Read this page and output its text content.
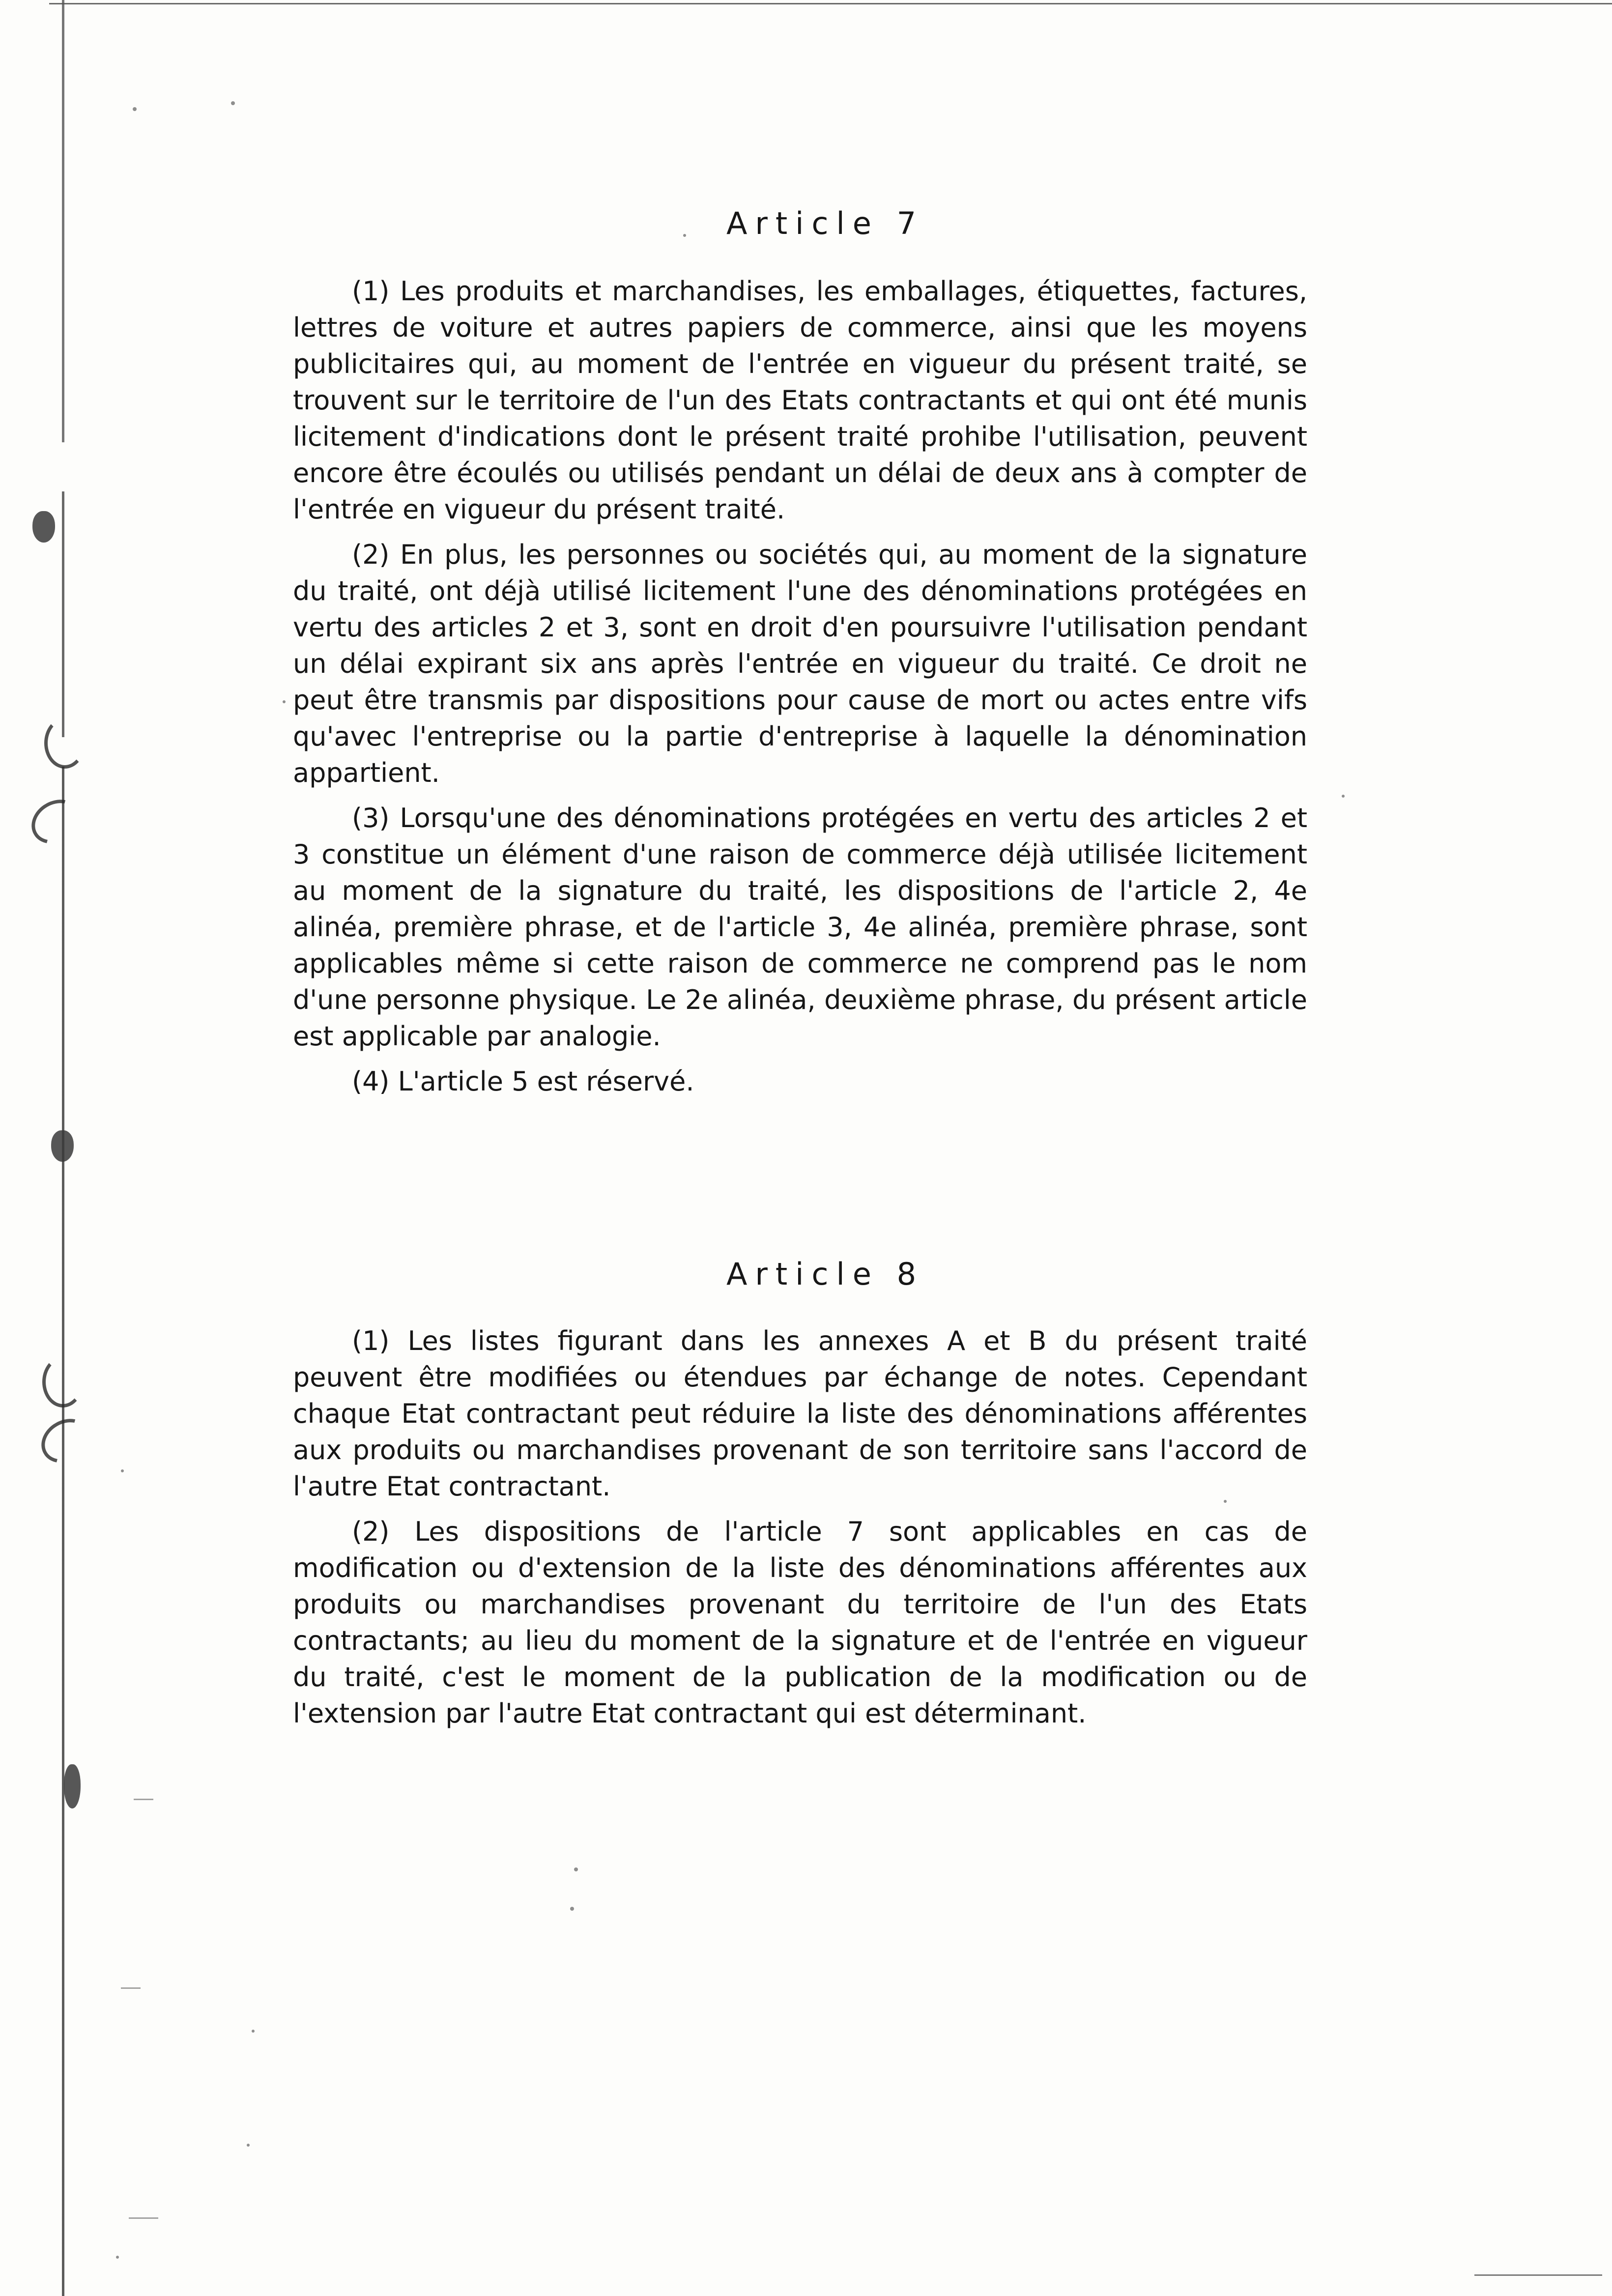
Article 7

(1) Les produits et marchandises, les emballages, étiquettes, factures, lettres de voiture et autres papiers de commerce, ainsi que les moyens publicitaires qui, au moment de l'entrée en vigueur du présent traité, se trouvent sur le territoire de l'un des Etats contractants et qui ont été munis licitement d'indications dont le présent traité prohibe l'utilisation, peuvent encore être écoulés ou utilisés pendant un délai de deux ans à compter de l'entrée en vigueur du présent traité.

(2) En plus, les personnes ou sociétés qui, au moment de la signature du traité, ont déjà utilisé licitement l'une des dénominations protégées en vertu des articles 2 et 3, sont en droit d'en poursuivre l'utilisation pendant un délai expirant six ans après l'entrée en vigueur du traité. Ce droit ne peut être transmis par dispositions pour cause de mort ou actes entre vifs qu'avec l'entreprise ou la partie d'entreprise à laquelle la dénomination appartient.

(3) Lorsqu'une des dénominations protégées en vertu des articles 2 et 3 constitue un élément d'une raison de commerce déjà utilisée licitement au moment de la signature du traité, les dispositions de l'article 2, 4e alinéa, première phrase, et de l'article 3, 4e alinéa, première phrase, sont applicables même si cette raison de commerce ne comprend pas le nom d'une personne physique. Le 2e alinéa, deuxième phrase, du présent article est applicable par analogie.

(4) L'article 5 est réservé.

Article 8

(1) Les listes figurant dans les annexes A et B du présent traité peuvent être modifiées ou étendues par échange de notes. Cependant chaque Etat contractant peut réduire la liste des dénominations afférentes aux produits ou marchandises provenant de son territoire sans l'accord de l'autre Etat contractant.

(2) Les dispositions de l'article 7 sont applicables en cas de modification ou d'extension de la liste des dénominations afférentes aux produits ou marchandises provenant du territoire de l'un des Etats contractants; au lieu du moment de la signature et de l'entrée en vigueur du traité, c'est le moment de la publication de la modification ou de l'extension par l'autre Etat contractant qui est déterminant.
